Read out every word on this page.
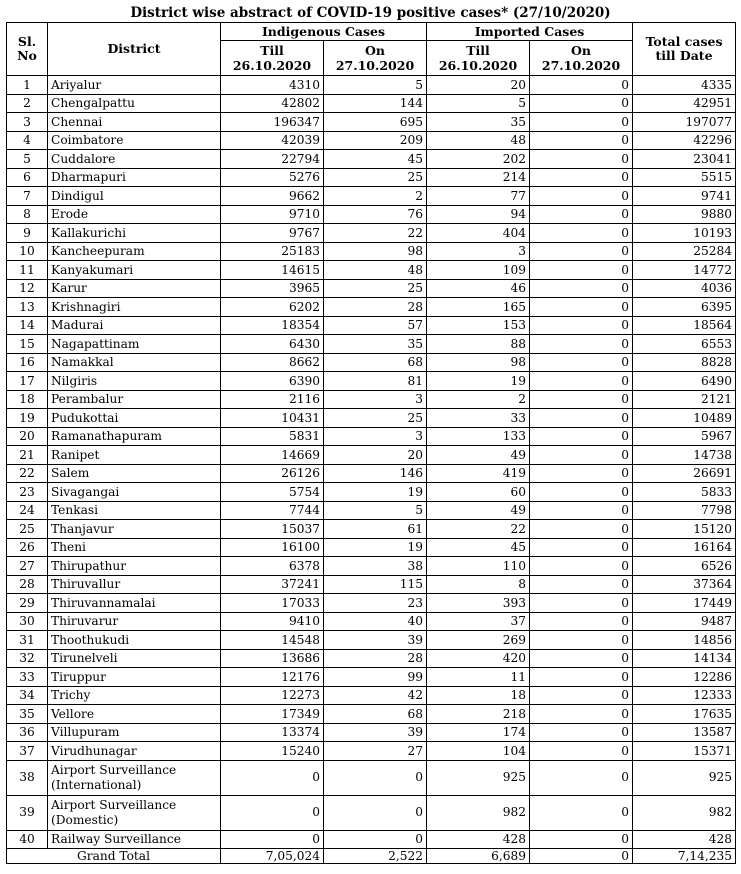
District wise abstract of COVID-19 positive cases* (27/10/2020)
Sl. No	District	Indigenous Cases		Imported Cases		Total cases till Date
		Till 26.10.2020	On 27.10.2020	Till 26.10.2020	On 27.10.2020	
1	Ariyalur	4310	5	20	0	4335
2	Chengalpattu	42802	144	5	0	42951
3	Chennai	196347	695	35	0	197077
4	Coimbatore	42039	209	48	0	42296
5	Cuddalore	22794	45	202	0	23041
6	Dharmapuri	5276	25	214	0	5515
7	Dindigul	9662	2	77	0	9741
8	Erode	9710	76	94	0	9880
9	Kallakurichi	9767	22	404	0	10193
10	Kancheepuram	25183	98	3	0	25284
11	Kanyakumari	14615	48	109	0	14772
12	Karur	3965	25	46	0	4036
13	Krishnagiri	6202	28	165	0	6395
14	Madurai	18354	57	153	0	18564
15	Nagapattinam	6430	35	88	0	6553
16	Namakkal	8662	68	98	0	8828
17	Nilgiris	6390	81	19	0	6490
18	Perambalur	2116	3	2	0	2121
19	Pudukottai	10431	25	33	0	10489
20	Ramanathapuram	5831	3	133	0	5967
21	Ranipet	14669	20	49	0	14738
22	Salem	26126	146	419	0	26691
23	Sivagangai	5754	19	60	0	5833
24	Tenkasi	7744	5	49	0	7798
25	Thanjavur	15037	61	22	0	15120
26	Theni	16100	19	45	0	16164
27	Thirupathur	6378	38	110	0	6526
28	Thiruvallur	37241	115	8	0	37364
29	Thiruvannamalai	17033	23	393	0	17449
30	Thiruvarur	9410	40	37	0	9487
31	Thoothukudi	14548	39	269	0	14856
32	Tirunelveli	13686	28	420	0	14134
33	Tiruppur	12176	99	11	0	12286
34	Trichy	12273	42	18	0	12333
35	Vellore	17349	68	218	0	17635
36	Villupuram	13374	39	174	0	13587
37	Virudhunagar	15240	27	104	0	15371
38	Airport Surveillance (International)	0	0	925	0	925
39	Airport Surveillance (Domestic)	0	0	982	0	982
40	Railway Surveillance	0	0	428	0	428
Grand Total		7,05,024	2,522	6,689	0	7,14,235
